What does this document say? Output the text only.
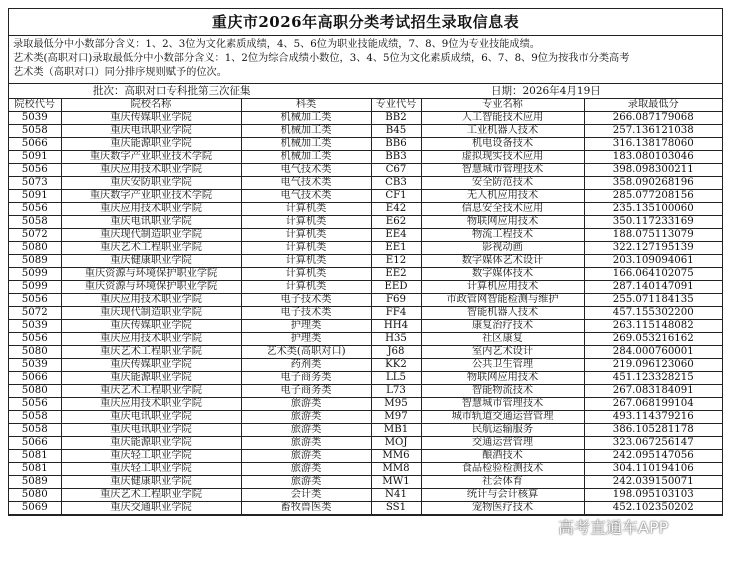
重庆市2026年高职分类考试招生录取信息表
录取最低分中小数部分含义：1、2、3位为文化素质成绩，4、5、6位为职业技能成绩，7、8、9位为专业技能成绩。
艺术类(高职对口)录取最低分中小数部分含义：1、2位为综合成绩小数位，3、4、5位为文化素质成绩，6、7、8、9位为按我市分类高考
艺术类（高职对口）同分排序规则赋予的位次。
批次：高职对口专科批第三次征集	日期：2026年4月19日
院校代号	院校名称	科类	专业代号	专业名称	录取最低分
5039	重庆传媒职业学院	机械加工类	BB2	人工智能技术应用	266.087179068
5058	重庆电讯职业学院	机械加工类	B45	工业机器人技术	257.136121038
5066	重庆能源职业学院	机械加工类	BB6	机电设备技术	316.138178060
5091	重庆数字产业职业技术学院	机械加工类	BB3	虚拟现实技术应用	183.080103046
5056	重庆应用技术职业学院	电气技术类	C67	智慧城市管理技术	398.098300211
5073	重庆安防职业学院	电气技术类	CB3	安全防范技术	358.090268196
5091	重庆数字产业职业技术学院	电气技术类	CF1	无人机应用技术	285.077208156
5056	重庆应用技术职业学院	计算机类	E42	信息安全技术应用	235.135100060
5058	重庆电讯职业学院	计算机类	E62	物联网应用技术	350.117233169
5072	重庆现代制造职业学院	计算机类	EE4	物流工程技术	188.075113079
5080	重庆艺术工程职业学院	计算机类	EE1	影视动画	322.127195139
5089	重庆健康职业学院	计算机类	E12	数字媒体艺术设计	203.109094061
5099	重庆资源与环境保护职业学院	计算机类	EE2	数字媒体技术	166.064102075
5099	重庆资源与环境保护职业学院	计算机类	EED	计算机应用技术	287.140147091
5056	重庆应用技术职业学院	电子技术类	F69	市政管网智能检测与维护	255.071184135
5072	重庆现代制造职业学院	电子技术类	FF4	智能机器人技术	457.155302200
5039	重庆传媒职业学院	护理类	HH4	康复治疗技术	263.115148082
5056	重庆应用技术职业学院	护理类	H35	社区康复	269.053216162
5080	重庆艺术工程职业学院	艺术类(高职对口)	J68	室内艺术设计	284.000760001
5039	重庆传媒职业学院	药剂类	KK2	公共卫生管理	219.096123060
5066	重庆能源职业学院	电子商务类	LL5	物联网应用技术	451.123328215
5080	重庆艺术工程职业学院	电子商务类	L73	智能物流技术	267.083184091
5056	重庆应用技术职业学院	旅游类	M95	智慧城市管理技术	267.068199104
5058	重庆电讯职业学院	旅游类	M97	城市轨道交通运营管理	493.114379216
5058	重庆电讯职业学院	旅游类	MB1	民航运输服务	386.105281178
5066	重庆能源职业学院	旅游类	MOJ	交通运营管理	323.067256147
5081	重庆轻工职业学院	旅游类	MM6	酿酒技术	242.095147056
5081	重庆轻工职业学院	旅游类	MM8	食品检验检测技术	304.110194106
5089	重庆健康职业学院	旅游类	MW1	社会体育	242.039150071
5080	重庆艺术工程职业学院	会计类	N41	统计与会计核算	198.095103103
5069	重庆交通职业学院	畜牧兽医类	SS1	宠物医疗技术	452.102350202
高考直通车APP
